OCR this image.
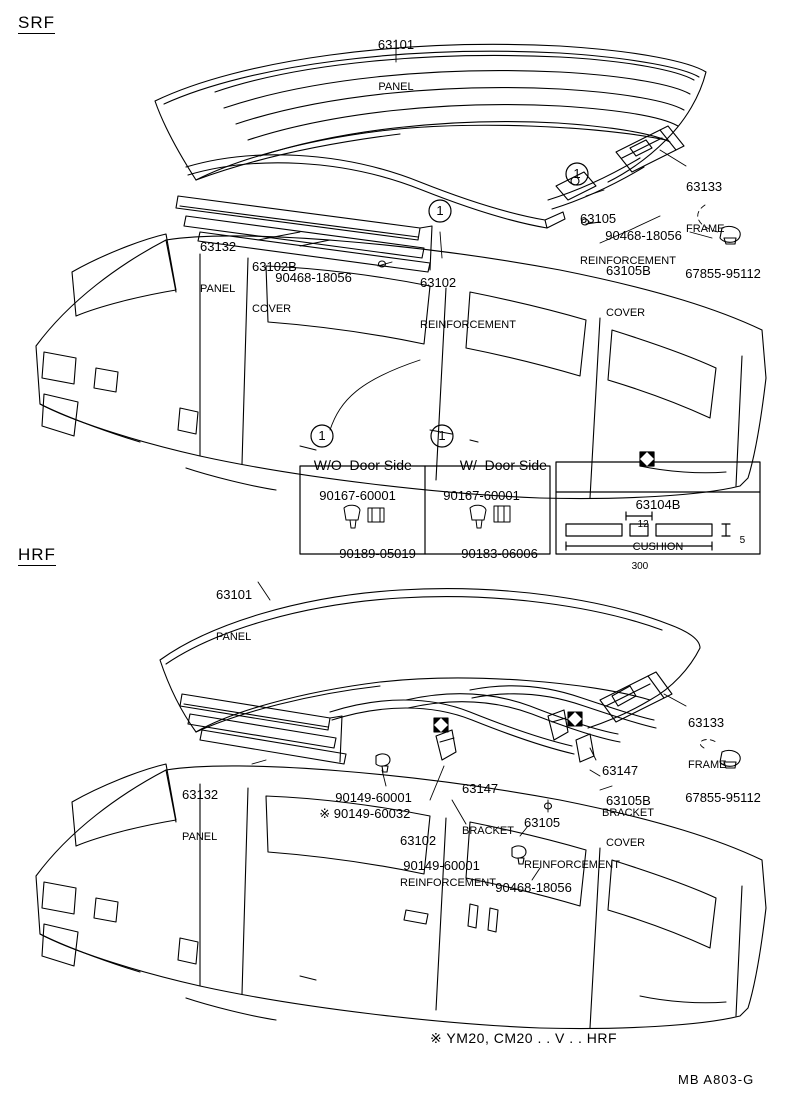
SRF
HRF

63101

PANEL

63133

FRAME

63105

REINFORCEMENT

90468-18056

63105B

COVER

67855-95112

63132

PANEL

63102B

COVER

90468-18056

	63102

REINFORCEMENT

1
1
1	1

W/O  Door Side	W/  Door Side

90167-60001	90167-60001

90189-05019	90183-06006

63104B

CUSHION

12

5

300

63101

PANEL

63133

FRAME

63147

BRACKET

63105B

COVER

67855-95112

63105

REINFORCEMENT

63147

BRACKET

63132

PANEL

90149-60001

※ 90149-60032

63102

REINFORCEMENT

90149-60001

90468-18056

※ YM20, CM20 . . V . . HRF
MB A803-G
